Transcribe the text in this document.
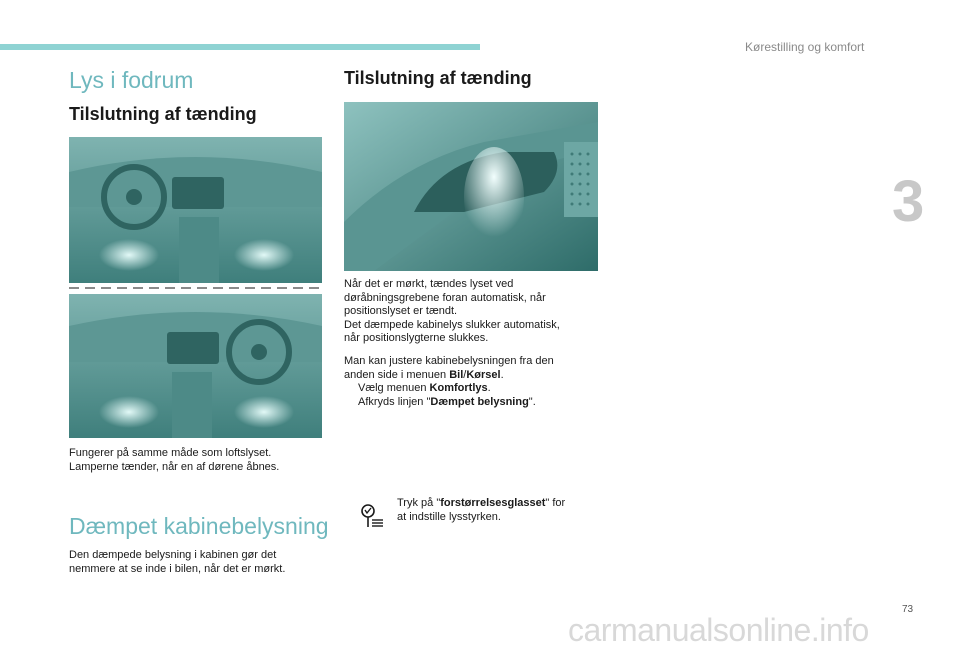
Kørestilling og komfort
3
73
Lys i fodrum
Tilslutning af tænding
Fungerer på samme måde som loftslyset.
Lamperne tænder, når en af dørene åbnes.
Dæmpet kabinebelysning
Den dæmpede belysning i kabinen gør det
nemmere at se inde i bilen, når det er mørkt.
Tilslutning af tænding
Når det er mørkt, tændes lyset ved
døråbningsgrebene foran automatisk, når
positionslyset er tændt.
Det dæmpede kabinelys slukker automatisk,
når positionslygterne slukkes.
Man kan justere kabinebelysningen fra den
anden side i menuen Bil/Kørsel.
Vælg menuen Komfortlys.
Afkryds linjen "Dæmpet belysning".
Tryk på "forstørrelsesglasset" for
at indstille lysstyrken.
carmanualsonline.info
